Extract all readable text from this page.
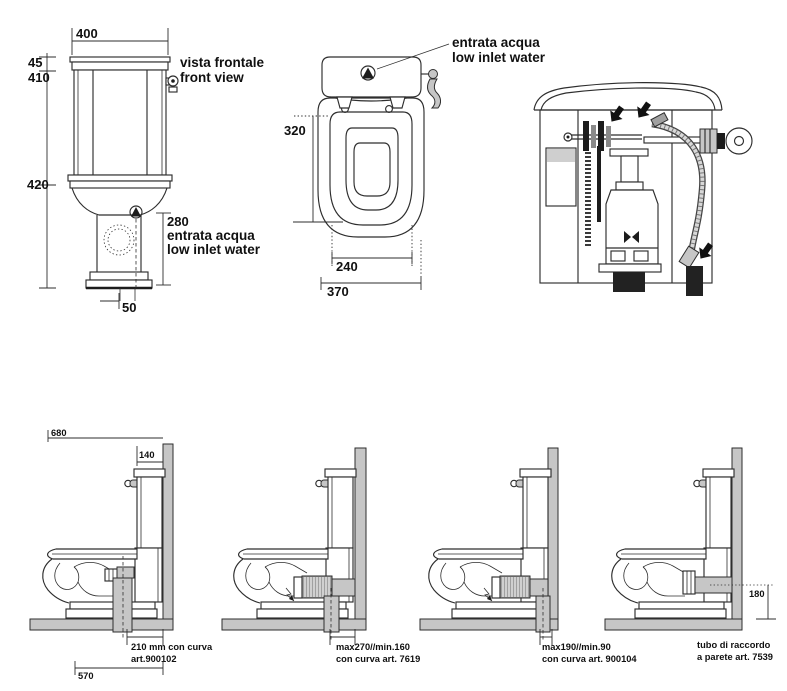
400
45
410
420
280
entrata acqua
low inlet water
50
vista frontale
front view
entrata acqua
low inlet water
320
240
370
680
140
210 mm con curva
art.900102
570
max270//min.160
con curva art. 7619
max190//min.90
con curva art. 900104
180
tubo di raccordo
a parete art. 7539
